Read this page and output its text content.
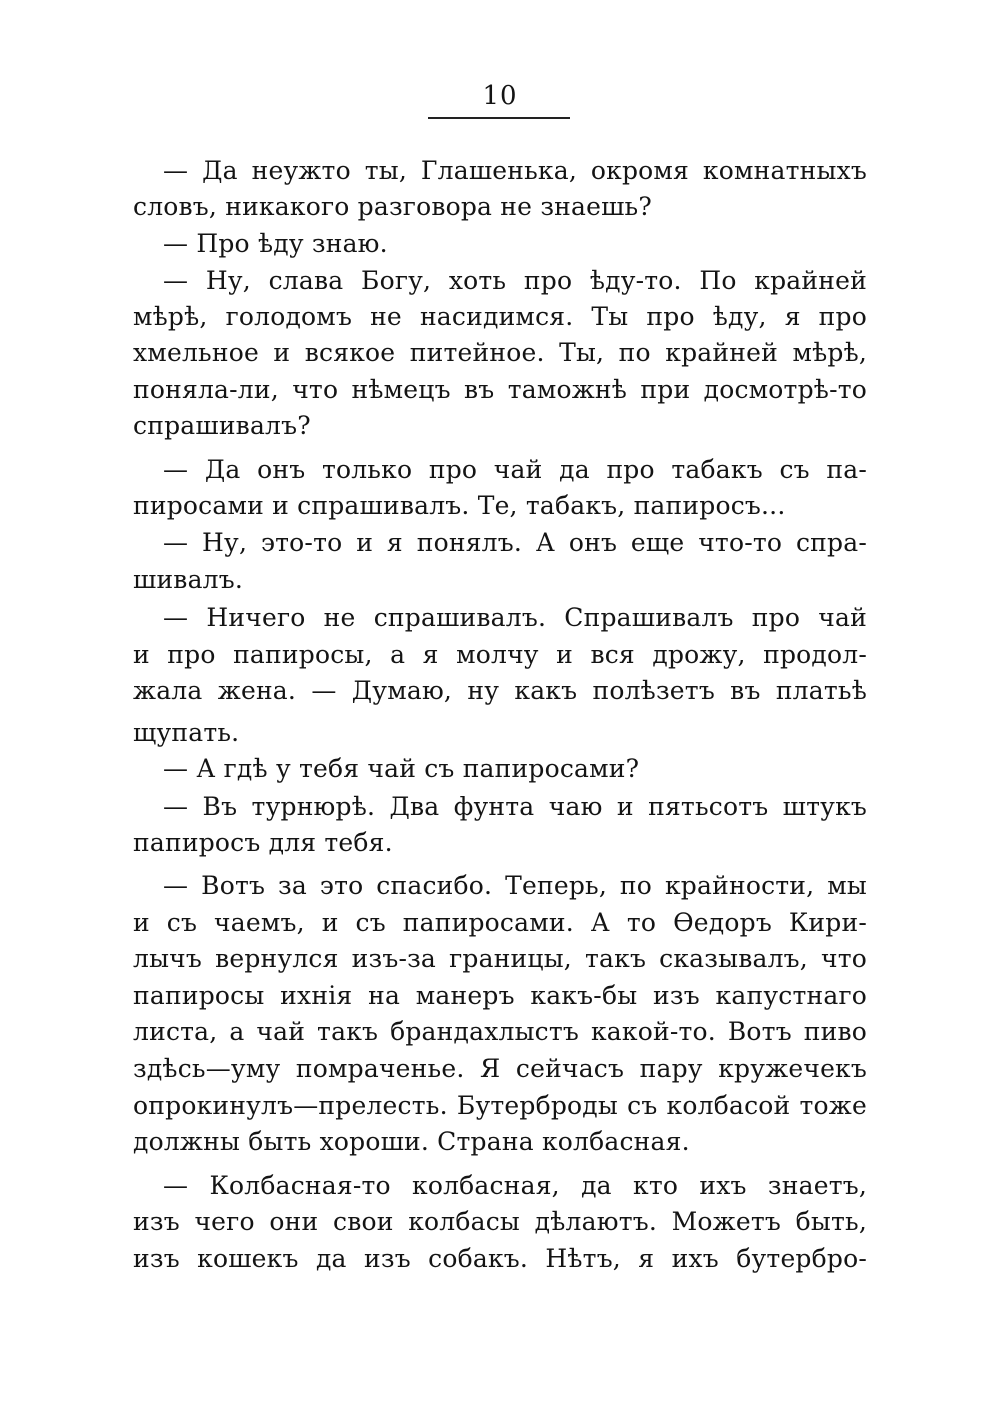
10
— Да неужто ты, Глашенька, окромя комнатныхъ
словъ, никакого разговора не знаешь?
— Про ѣду знаю.
— Ну, слава Богу, хоть про ѣду-то. По крайней
мѣрѣ, голодомъ не насидимся. Ты про ѣду, я про
хмельное и всякое питейное. Ты, по крайней мѣрѣ,
поняла-ли, что нѣмецъ въ таможнѣ при досмотрѣ-то
спрашивалъ?
— Да онъ только про чай да про табакъ съ па-
пиросами и спрашивалъ. Те, табакъ, папиросъ...
— Ну, это-то и я понялъ. А онъ еще что-то спра-
шивалъ.
— Ничего не спрашивалъ. Спрашивалъ про чай
и про папиросы, а я молчу и вся дрожу, продол-
жала жена. — Думаю, ну какъ полѣзетъ въ платьѣ
щупать.
— А гдѣ у тебя чай съ папиросами?
— Въ турнюрѣ. Два фунта чаю и пятьсотъ штукъ
папиросъ для тебя.
— Вотъ за это спасибо. Теперь, по крайности, мы
и съ чаемъ, и съ папиросами. А то Ѳедоръ Кири-
лычъ вернулся изъ-за границы, такъ сказывалъ, что
папиросы ихнія на манеръ какъ-бы изъ капустнаго
листа, а чай такъ брандахлыстъ какой-то. Вотъ пиво
здѣсь—уму помраченье. Я сейчасъ пару кружечекъ
опрокинулъ—прелесть. Бутерброды съ колбасой тоже
должны быть хороши. Страна колбасная.
— Колбасная-то колбасная, да кто ихъ знаетъ,
изъ чего они свои колбасы дѣлаютъ. Можетъ быть,
изъ кошекъ да изъ собакъ. Нѣтъ, я ихъ бутербро-
